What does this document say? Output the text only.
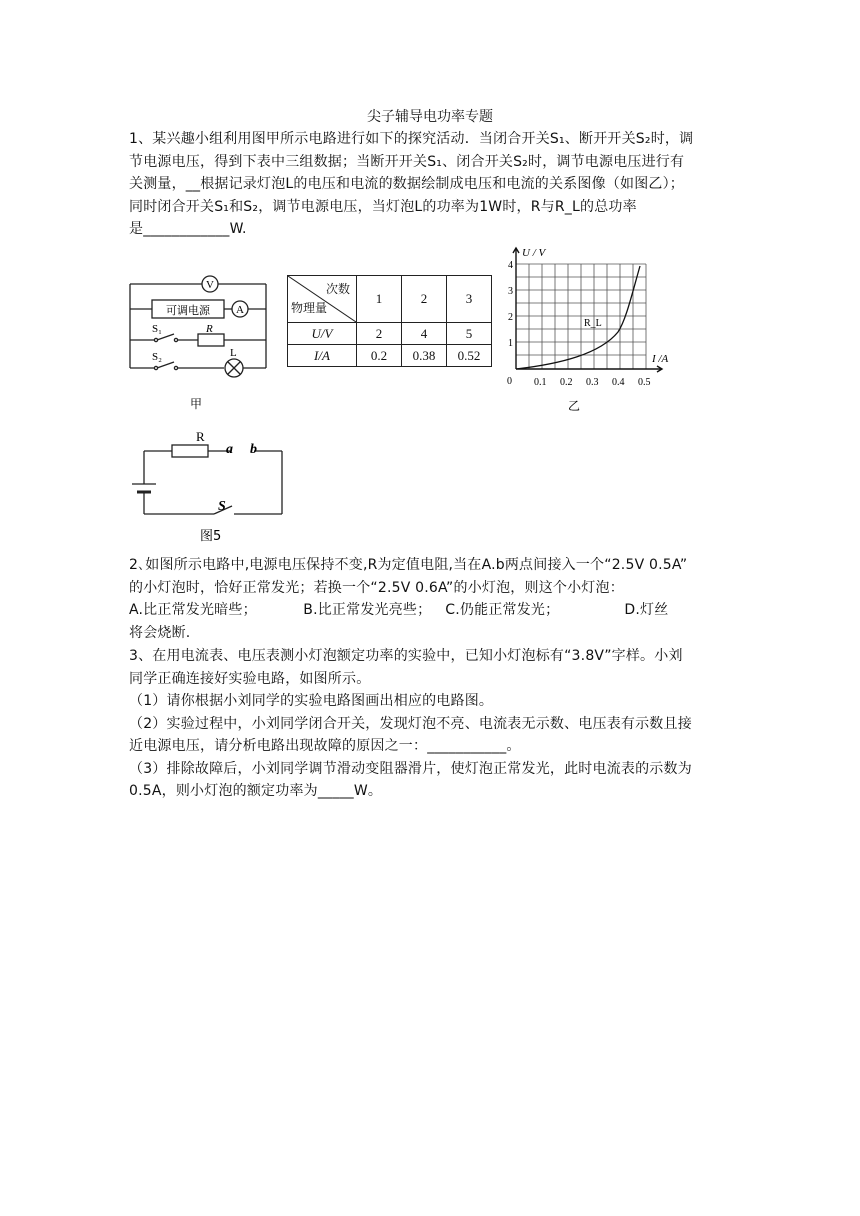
尖子辅导电功率专题
1、某兴趣小组利用图甲所示电路进行如下的探究活动．当闭合开关S₁、断开开关S₂时，调
节电源电压，得到下表中三组数据；当断开开关S₁、闭合开关S₂时，调节电源电压进行有
关测量，__根据记录灯泡L的电压和电流的数据绘制成电压和电流的关系图像（如图乙）；
同时闭合开关S₁和S₂，调节电源电压，当灯泡L的功率为1W时，R与R_L的总功率
是____________W.
V
A
可调电源
S₁	R
S₂	L
甲
次数
物理量	1	2	3
U/V	2	4	5
I/A	0.2	0.38	0.52
U / V
I /A
1
2
3
4
0 0.1 0.2 0.3 0.4 0.5
R_L
乙
R
a b
S
图5
2､如图所示电路中,电源电压保持不变,R为定值电阻,当在A.b两点间接入一个“2.5V 0.5A”
的小灯泡时，恰好正常发光；若换一个“2.5V 0.6A”的小灯泡，则这个小灯泡：
A.比正常发光暗些；          B.比正常发光亮些；   C.仍能正常发光；              D.灯丝
将会烧断.
3、在用电流表、电压表测小灯泡额定功率的实验中，已知小灯泡标有“3.8V”字样。小刘
同学正确连接好实验电路，如图所示。
（1）请你根据小刘同学的实验电路图画出相应的电路图。
（2）实验过程中，小刘同学闭合开关，发现灯泡不亮、电流表无示数、电压表有示数且接
近电源电压，请分析电路出现故障的原因之一：___________。
（3）排除故障后，小刘同学调节滑动变阻器滑片，使灯泡正常发光，此时电流表的示数为
0.5A，则小灯泡的额定功率为_____W。
